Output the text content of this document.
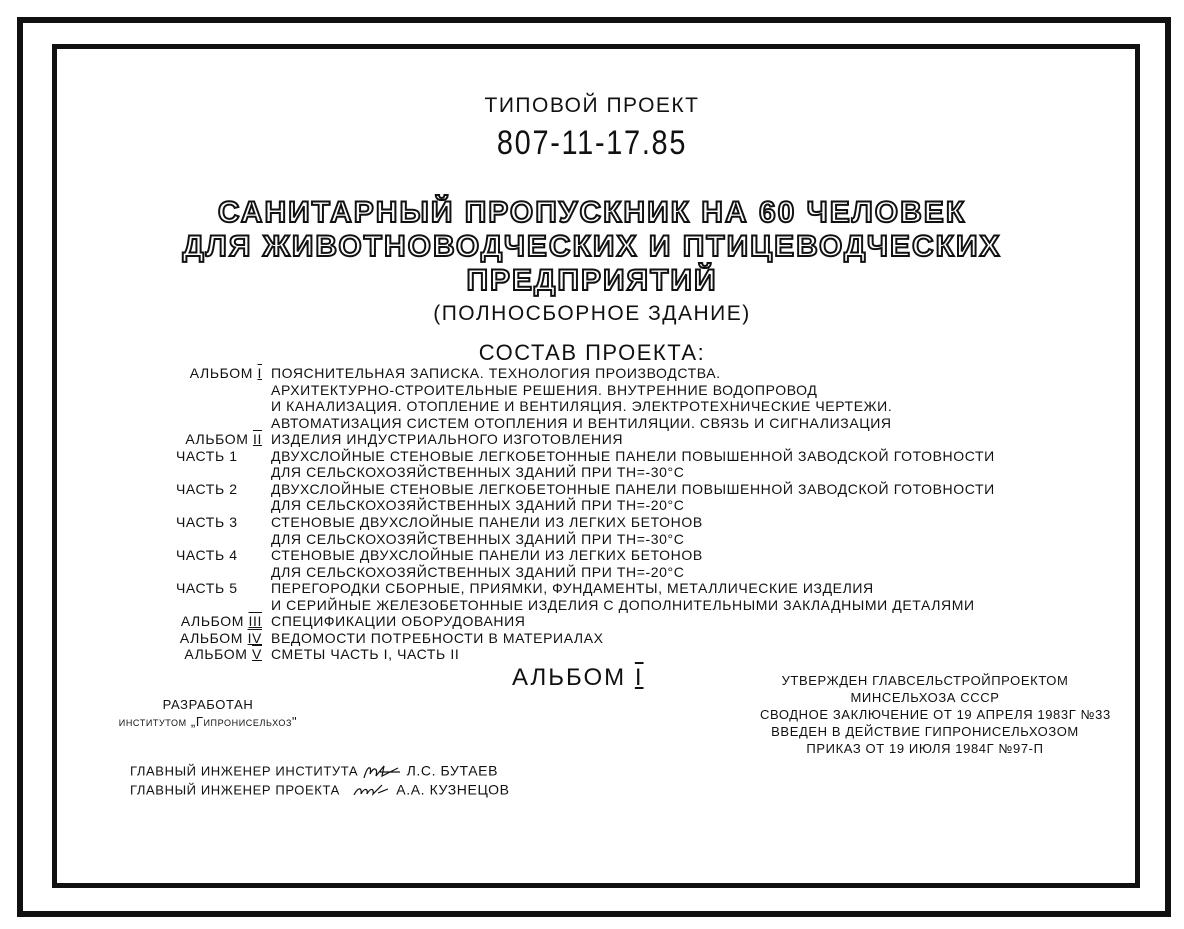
ТИПОВОЙ ПРОЕКТ
807-11-17.85
САНИТАРНЫЙ ПРОПУСКНИК НА 60 ЧЕЛОВЕК
ДЛЯ ЖИВОТНОВОДЧЕСКИХ И ПТИЦЕВОДЧЕСКИХ
ПРЕДПРИЯТИЙ
(ПОЛНОСБОРНОЕ ЗДАНИЕ)
СОСТАВ ПРОЕКТА:
АЛЬБОМ I ПОЯСНИТЕЛЬНАЯ ЗАПИСКА. ТЕХНОЛОГИЯ ПРОИЗВОДСТВА.
АРХИТЕКТУРНО-СТРОИТЕЛЬНЫЕ РЕШЕНИЯ. ВНУТРЕННИЕ ВОДОПРОВОД
И КАНАЛИЗАЦИЯ. ОТОПЛЕНИЕ И ВЕНТИЛЯЦИЯ. ЭЛЕКТРОТЕХНИЧЕСКИЕ ЧЕРТЕЖИ.
АВТОМАТИЗАЦИЯ СИСТЕМ ОТОПЛЕНИЯ И ВЕНТИЛЯЦИИ. СВЯЗЬ И СИГНАЛИЗАЦИЯ
АЛЬБОМ II ИЗДЕЛИЯ ИНДУСТРИАЛЬНОГО ИЗГОТОВЛЕНИЯ
ЧАСТЬ 1 ДВУХСЛОЙНЫЕ СТЕНОВЫЕ ЛЕГКОБЕТОННЫЕ ПАНЕЛИ ПОВЫШЕННОЙ ЗАВОДСКОЙ ГОТОВНОСТИ
ДЛЯ СЕЛЬСКОХОЗЯЙСТВЕННЫХ ЗДАНИЙ ПРИ TН=-30°C
ЧАСТЬ 2 ДВУХСЛОЙНЫЕ СТЕНОВЫЕ ЛЕГКОБЕТОННЫЕ ПАНЕЛИ ПОВЫШЕННОЙ ЗАВОДСКОЙ ГОТОВНОСТИ
ДЛЯ СЕЛЬСКОХОЗЯЙСТВЕННЫХ ЗДАНИЙ ПРИ TН=-20°C
ЧАСТЬ 3 СТЕНОВЫЕ ДВУХСЛОЙНЫЕ ПАНЕЛИ ИЗ ЛЕГКИХ БЕТОНОВ
ДЛЯ СЕЛЬСКОХОЗЯЙСТВЕННЫХ ЗДАНИЙ ПРИ TН=-30°C
ЧАСТЬ 4 СТЕНОВЫЕ ДВУХСЛОЙНЫЕ ПАНЕЛИ ИЗ ЛЕГКИХ БЕТОНОВ
ДЛЯ СЕЛЬСКОХОЗЯЙСТВЕННЫХ ЗДАНИЙ ПРИ TН=-20°C
ЧАСТЬ 5 ПЕРЕГОРОДКИ СБОРНЫЕ, ПРИЯМКИ, ФУНДАМЕНТЫ, МЕТАЛЛИЧЕСКИЕ ИЗДЕЛИЯ
И СЕРИЙНЫЕ ЖЕЛЕЗОБЕТОННЫЕ ИЗДЕЛИЯ С ДОПОЛНИТЕЛЬНЫМИ ЗАКЛАДНЫМИ ДЕТАЛЯМИ
АЛЬБОМ III СПЕЦИФИКАЦИИ ОБОРУДОВАНИЯ
АЛЬБОМ IV ВЕДОМОСТИ ПОТРЕБНОСТИ В МАТЕРИАЛАХ
АЛЬБОМ V СМЕТЫ ЧАСТЬ I, ЧАСТЬ II
АЛЬБОМ I
РАЗРАБОТАН
институтом „Гипронисельхоз"
УТВЕРЖДЕН ГЛАВСЕЛЬСТРОЙПРОЕКТОМ
МИНСЕЛЬХОЗА СССР
СВОДНОЕ ЗАКЛЮЧЕНИЕ ОТ 19 АПРЕЛЯ 1983Г №33
ВВЕДЕН В ДЕЙСТВИЕ ГИПРОНИСЕЛЬХОЗОМ
ПРИКАЗ ОТ 19 ИЮЛЯ 1984Г №97-П
ГЛАВНЫЙ ИНЖЕНЕР ИНСТИТУТА	Л.С. БУТАЕВ
ГЛАВНЫЙ ИНЖЕНЕР ПРОЕКТА	А.А. КУЗНЕЦОВ
